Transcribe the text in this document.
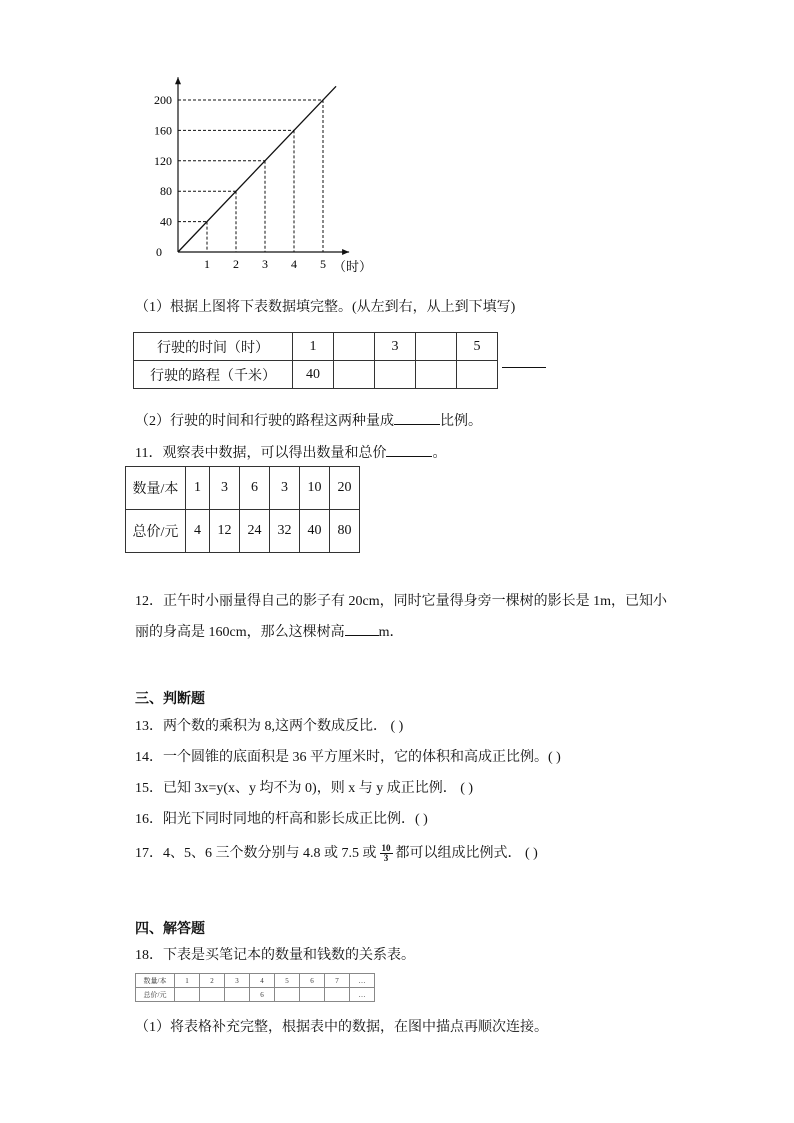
1 2 3 4 5
40
80
120
160
200
0
（时）
（1）根据上图将下表数据填完整。(从左到右，从上到下填写)
行驶的时间（时）	1		3		5
行驶的路程（千米）	40				
（2）行驶的时间和行驶的路程这两种量成	比例。
11．观察表中数据，可以得出数量和总价	。
数量/本	1	3	6	3	10	20
总价/元	4	12	24	32	40	80
12．正午时小丽量得自己的影子有 20cm，同时它量得身旁一棵树的影长是 1m，已知小
丽的身高是 160cm，那么这棵树高 m．
三、判断题
13．两个数的乘积为 8,这两个数成反比． ( )
14．一个圆锥的底面积是 36 平方厘米时，它的体积和高成正比例。( )
15．已知 3x=y(x、y 均不为 0)，则 x 与 y 成正比例． ( )
16．阳光下同时同地的杆高和影长成正比例．( )
17．4、5、6 三个数分别与 4.8 或 7.5 或 $\frac{10}{3}$ 都可以组成比例式． ( )
四、解答题
18．下表是买笔记本的数量和钱数的关系表。
数量/本	1	2	3	4	5	6	7	…
总价/元				6				…
（1）将表格补充完整，根据表中的数据，在图中描点再顺次连接。
